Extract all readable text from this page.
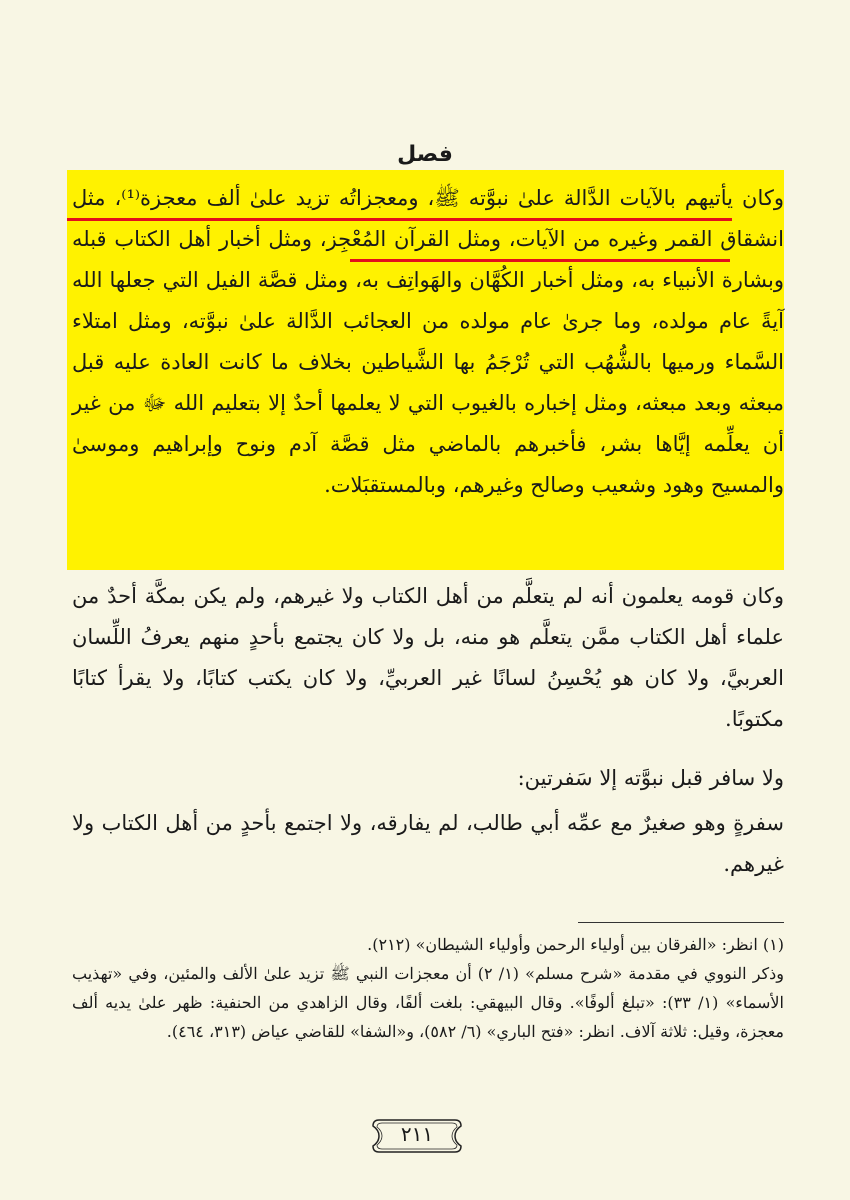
فصل

وكان يأتيهم بالآيات الدَّالة علىٰ نبوَّته ﷺ، ومعجزاتُه تزيد علىٰ ألف معجزة⁽¹⁾، مثل انشقاق القمر وغيره من الآيات، ومثل القرآن المُعْجِز، ومثل أخبار أهل الكتاب قبله وبشارة الأنبياء به، ومثل أخبار الكُهَّان والهَواتِف به، ومثل قصَّة الفيل التي جعلها الله آيةً عام مولده، وما جرىٰ عام مولده من العجائب الدَّالة علىٰ نبوَّته، ومثل امتلاء السَّماء ورميها بالشُّهُب التي تُرْجَمُ بها الشَّياطين بخلاف ما كانت العادة عليه قبل مبعثه وبعد مبعثه، ومثل إخباره بالغيوب التي لا يعلمها أحدٌ إلا بتعليم الله ﷻ من غير أن يعلِّمه إيَّاها بشر، فأخبرهم بالماضي مثل قصَّة آدم ونوح وإبراهيم وموسىٰ والمسيح وهود وشعيب وصالح وغيرهم، وبالمستقبَلات.

وكان قومه يعلمون أنه لم يتعلَّم من أهل الكتاب ولا غيرهم، ولم يكن بمكَّة أحدٌ من علماء أهل الكتاب ممَّن يتعلَّم هو منه، بل ولا كان يجتمع بأحدٍ منهم يعرفُ اللِّسان العربيَّ، ولا كان هو يُحْسِنُ لسانًا غير العربيِّ، ولا كان يكتب كتابًا، ولا يقرأ كتابًا مكتوبًا.

ولا سافر قبل نبوَّته إلا سَفرتين:

سفرةٍ وهو صغيرٌ مع عمِّه أبي طالب، لم يفارقه، ولا اجتمع بأحدٍ من أهل الكتاب ولا غيرهم.

(١) انظر: «الفرقان بين أولياء الرحمن وأولياء الشيطان» (٢١٢).

وذكر النووي في مقدمة «شرح مسلم» (١/ ٢) أن معجزات النبي ﷺ تزيد علىٰ الألف والمئين، وفي «تهذيب الأسماء» (١/ ٣٣): «تبلغ ألوفًا». وقال البيهقي: بلغت ألفًا، وقال الزاهدي من الحنفية: ظهر علىٰ يديه ألف معجزة، وقيل: ثلاثة آلاف. انظر: «فتح الباري» (٦/ ٥٨٢)، و«الشفا» للقاضي عياض (٣١٣، ٤٦٤).

٢١١
